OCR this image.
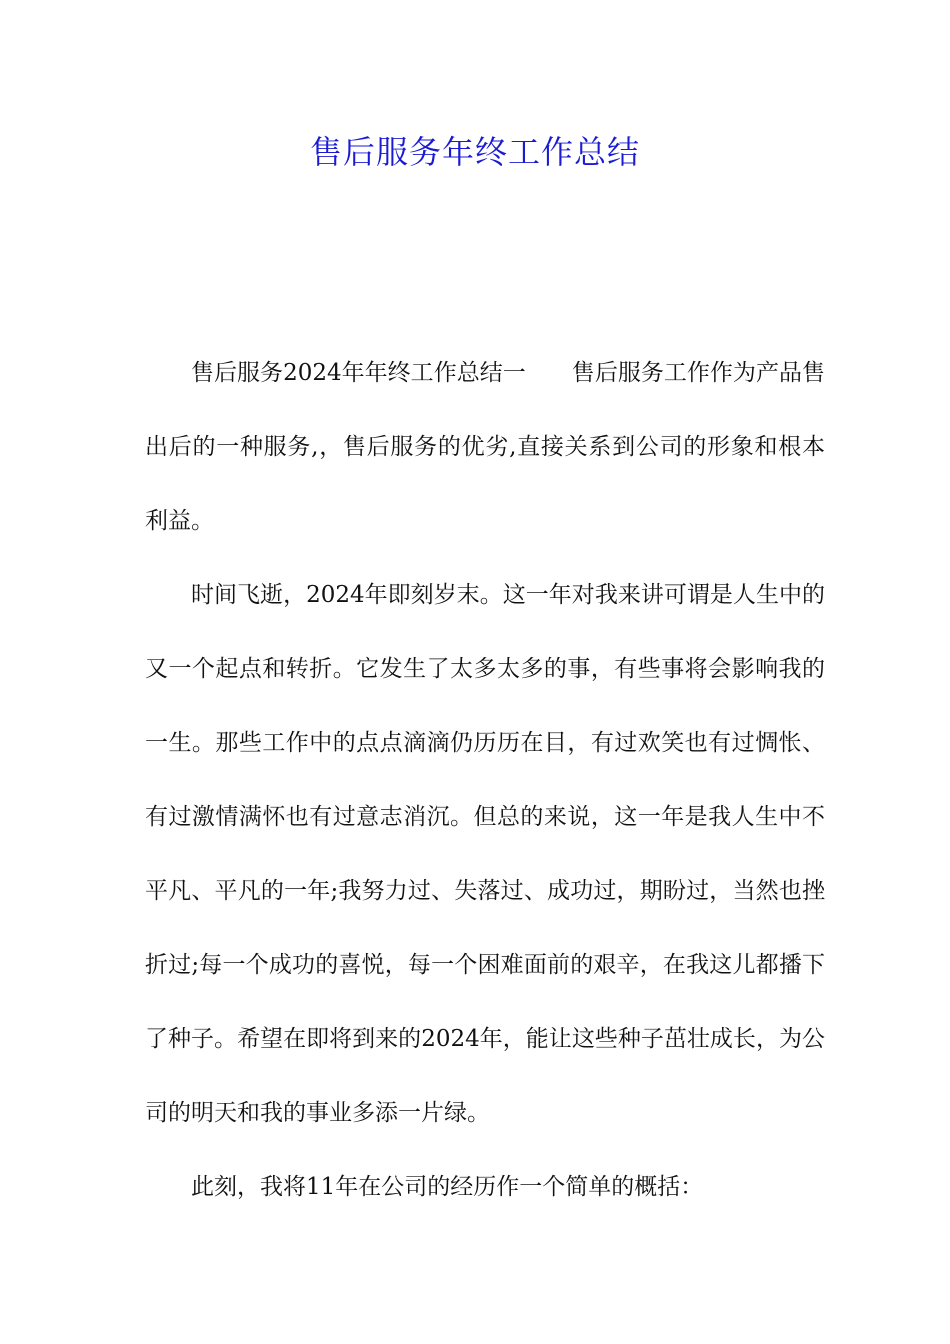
售后服务年终工作总结

售后服务2024年年终工作总结一 售后服务工作作为产品售出后的一种服务,，售后服务的优劣,直接关系到公司的形象和根本利益。

时间飞逝，2024年即刻岁末。这一年对我来讲可谓是人生中的又一个起点和转折。它发生了太多太多的事，有些事将会影响我的一生。那些工作中的点点滴滴仍历历在目，有过欢笑也有过惆怅、有过激情满怀也有过意志消沉。但总的来说，这一年是我人生中不平凡、平凡的一年;我努力过、失落过、成功过，期盼过，当然也挫折过;每一个成功的喜悦，每一个困难面前的艰辛，在我这儿都播下了种子。希望在即将到来的2024年，能让这些种子茁壮成长，为公司的明天和我的事业多添一片绿。

此刻，我将11年在公司的经历作一个简单的概括：
